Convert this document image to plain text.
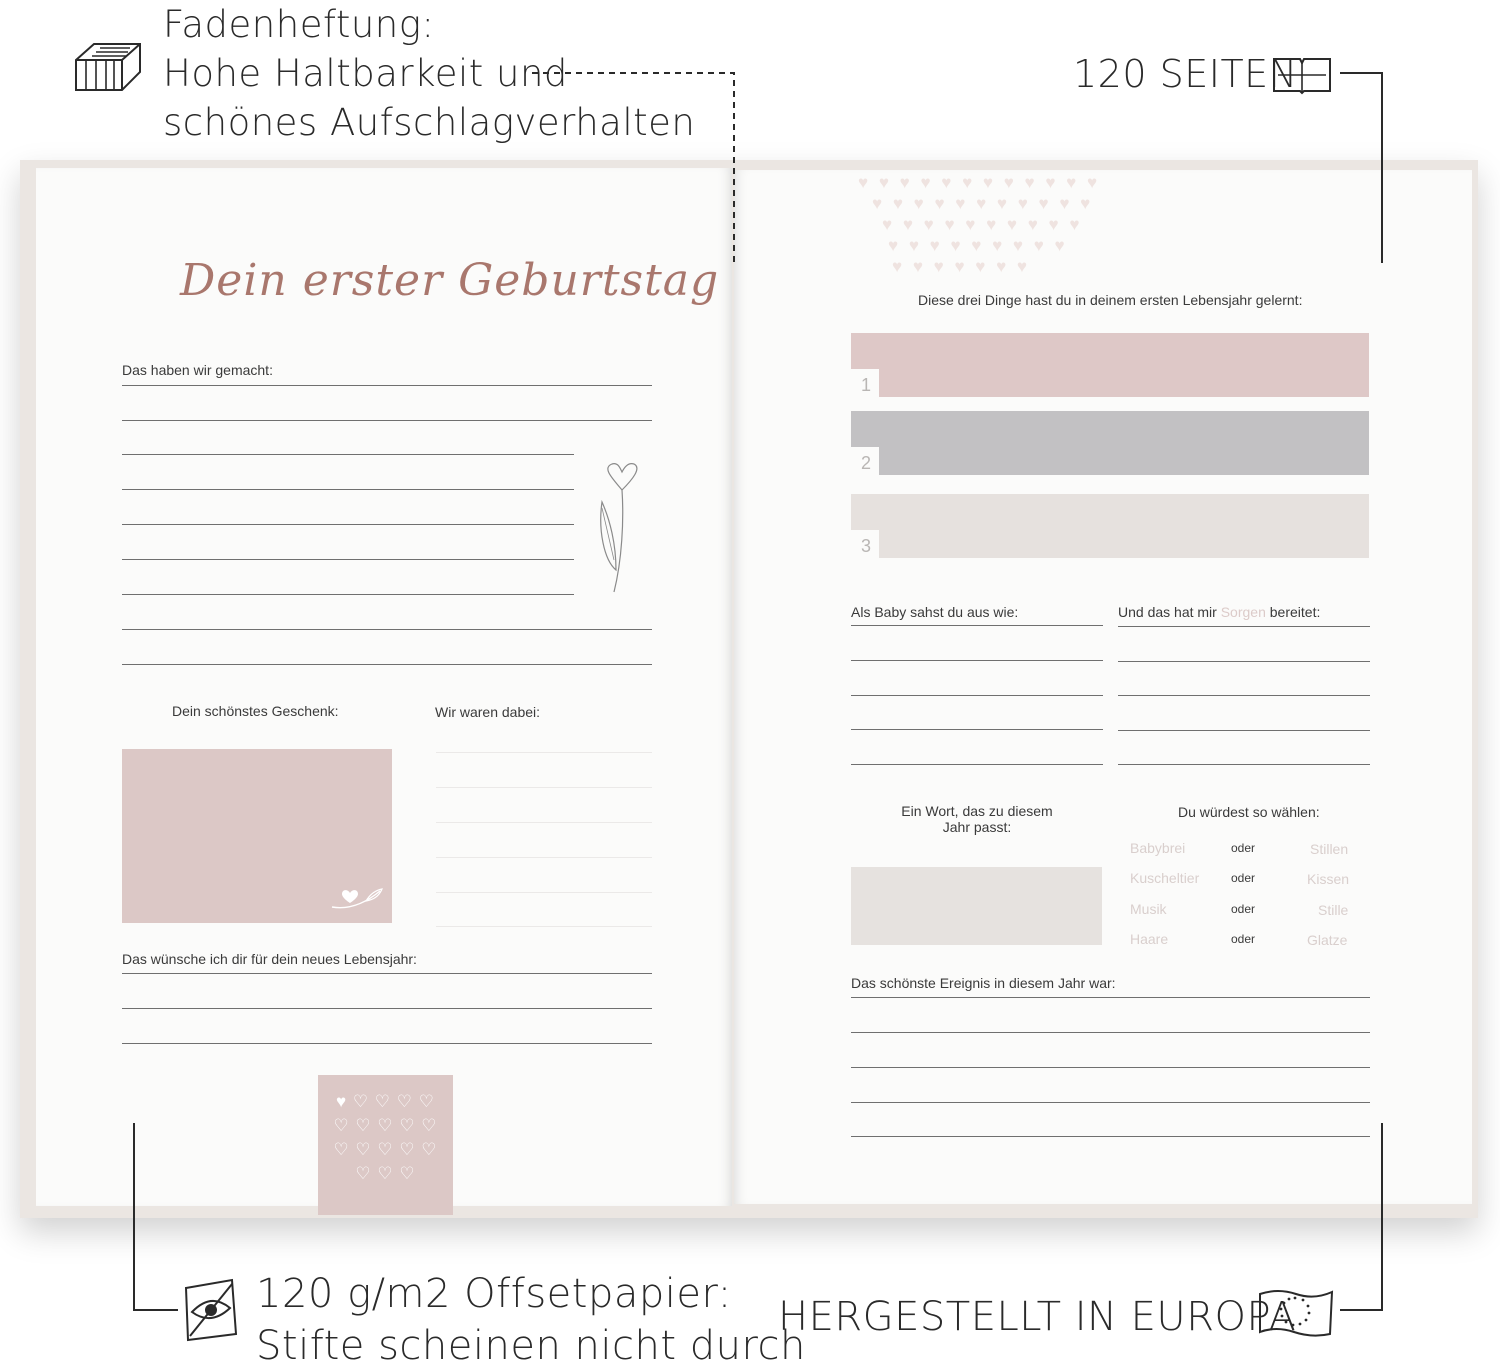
Fadenheftung:
Hohe Haltbarkeit und
schönes Aufschlagverhalten
120 SEITEN
120 g/m2 Offsetpapier:
Stifte scheinen nicht durch
HERGESTELLT IN EUROPA
Dein erster Geburtstag
Das haben wir gemacht:
Dein schönstes Geschenk:	Wir waren dabei:
Das wünsche ich dir für dein neues Lebensjahr:
♥ ♡ ♡ ♡ ♡
♡ ♡ ♡ ♡ ♡
♡ ♡ ♡ ♡ ♡
♡ ♡ ♡
♥ ♥ ♥ ♥ ♥ ♥ ♥ ♥ ♥ ♥ ♥ ♥
♥ ♥ ♥ ♥ ♥ ♥ ♥ ♥ ♥ ♥ ♥
♥ ♥ ♥ ♥ ♥ ♥ ♥ ♥ ♥ ♥
♥ ♥ ♥ ♥ ♥ ♥ ♥ ♥ ♥
♥ ♥ ♥ ♥ ♥ ♥ ♥
Diese drei Dinge hast du in deinem ersten Lebensjahr gelernt:
1
2
3
Als Baby sahst du aus wie:	Und das hat mir Sorgen bereitet:
Ein Wort, das zu diesem
Jahr passt:
Du würdest so wählen:
Babybrei	oder	Stillen
Kuscheltier	oder	Kissen
Musik	oder	Stille
Haare	oder	Glatze
Das schönste Ereignis in diesem Jahr war:
